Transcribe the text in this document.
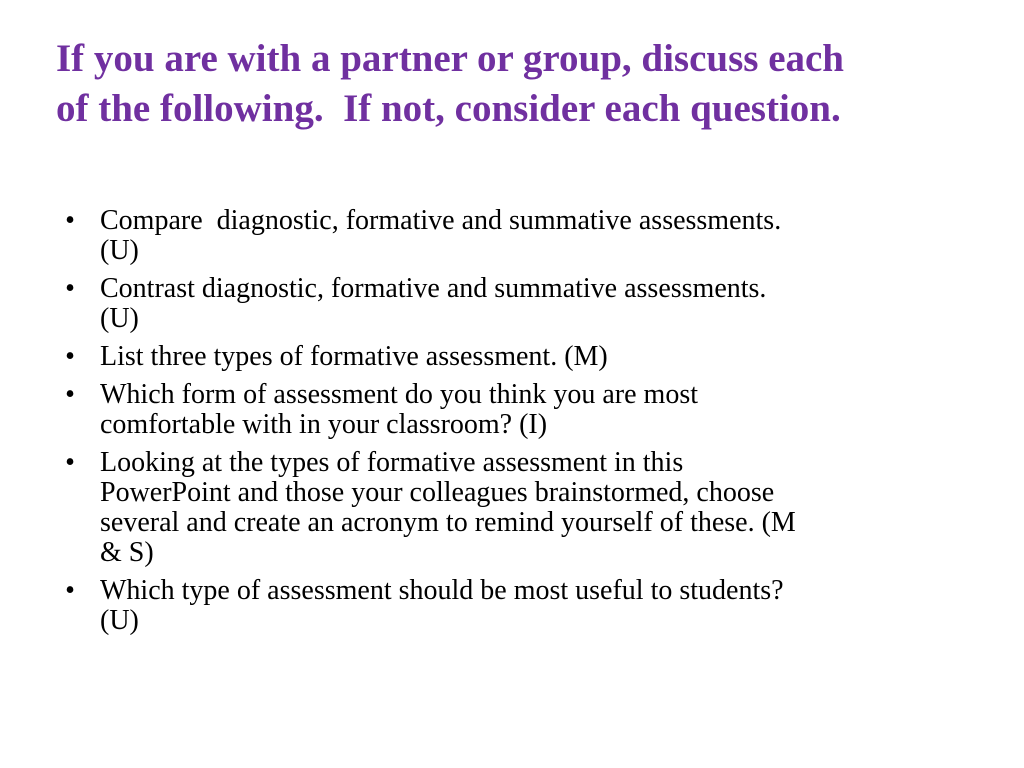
If you are with a partner or group, discuss each
of the following.  If not, consider each question.
• Compare  diagnostic, formative and summative assessments.
(U)
• Contrast diagnostic, formative and summative assessments.
(U)
• List three types of formative assessment. (M)
• Which form of assessment do you think you are most
comfortable with in your classroom? (I)
• Looking at the types of formative assessment in this
PowerPoint and those your colleagues brainstormed, choose
several and create an acronym to remind yourself of these. (M
& S)
• Which type of assessment should be most useful to students?
(U)
